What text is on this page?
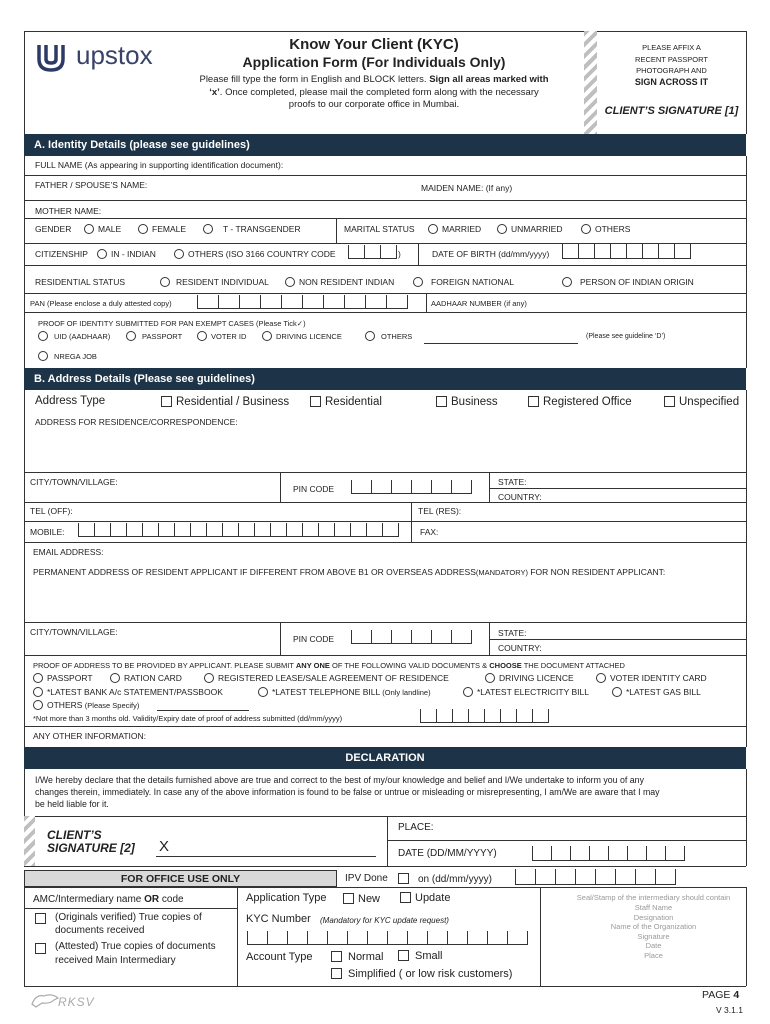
upstox	Know Your Client (KYC)
Application Form (For Individuals Only)
Please fill type the form in English and BLOCK letters. Sign all areas marked with
‘x’. Once completed, please mail the completed form along with the necessary
proofs to our corporate office in Mumbai.
PLEASE AFFIX A
RECENT PASSPORT
PHOTOGRAPH AND
SIGN ACROSS IT
CLIENT’S SIGNATURE [1]
A. Identity Details (please see guidelines)
FULL NAME (As appearing in supporting identification document):
FATHER / SPOUSE’S NAME:	MAIDEN NAME: (If any)
MOTHER NAME:
GENDER	MALE	FEMALE	T - TRANSGENDER	MARITAL STATUS	MARRIED	UNMARRIED	OTHERS
CITIZENSHIP	IN - INDIAN	OTHERS (ISO 3166 COUNTRY CODE	)	DATE OF BIRTH (dd/mm/yyyy)
RESIDENTIAL STATUS	RESIDENT INDIVIDUAL	NON RESIDENT INDIAN	FOREIGN NATIONAL	PERSON OF INDIAN ORIGIN
PAN (Please enclose a duly attested copy)	AADHAAR NUMBER (if any)
PROOF OF IDENTITY SUBMITTED FOR PAN EXEMPT CASES (Please Tick✓)
UID (AADHAAR)	PASSPORT	VOTER ID	DRIVING LICENCE	OTHERS	(Please see guideline ‘D’)
NREGA JOB
B. Address Details (Please see guidelines)
Address Type	Residential / Business	Residential	Business	Registered Office	Unspecified
ADDRESS FOR RESIDENCE/CORRESPONDENCE:
CITY/TOWN/VILLAGE:
PIN CODE
STATE:
COUNTRY:
TEL (OFF):	TEL (RES):
MOBILE:	FAX:
EMAIL ADDRESS:
PERMANENT ADDRESS OF RESIDENT APPLICANT IF DIFFERENT FROM ABOVE B1 OR OVERSEAS ADDRESS(MANDATORY) FOR NON RESIDENT APPLICANT:
CITY/TOWN/VILLAGE:
PIN CODE
STATE:
COUNTRY:
PROOF OF ADDRESS TO BE PROVIDED BY APPLICANT. PLEASE SUBMIT ANY ONE OF THE FOLLOWING VALID DOCUMENTS & CHOOSE THE DOCUMENT ATTACHED
PASSPORT	RATION CARD	REGISTERED LEASE/SALE AGREEMENT OF RESIDENCE	DRIVING LICENCE	VOTER IDENTITY CARD
*LATEST BANK A/c STATEMENT/PASSBOOK	*LATEST TELEPHONE BILL (Only landline)	*LATEST ELECTRICITY BILL	*LATEST GAS BILL
OTHERS (Please Specify)
*Not more than 3 months old. Validity/Expiry date of proof of address submitted (dd/mm/yyyy)
ANY OTHER INFORMATION:
DECLARATION
I/We hereby declare that the details furnished above are true and correct to the best of my/our knowledge and belief and I/We undertake to inform you of any
changes therein, immediately. In case any of the above information is found to be false or untrue or misleading or misrepresenting, I am/We are aware that I may
be held liable for it.
CLIENT’S
SIGNATURE [2] X
PLACE:
DATE (DD/MM/YYYY)
FOR OFFICE USE ONLY	IPV Done	on (dd/mm/yyyy)
AMC/Intermediary name OR code
(Originals verified) True copies of
documents received
(Attested) True copies of documents
received Main Intermediary
Application Type	New	Update
KYC Number (Mandatory for KYC update request)
Account Type	Normal	Small
Simplified ( or low risk customers)
Seal/Stamp of the intermediary should contain
Staff Name
Designation
Name of the Organization
Signature
Date
Place
RKSV	PAGE 4
V 3.1.1
